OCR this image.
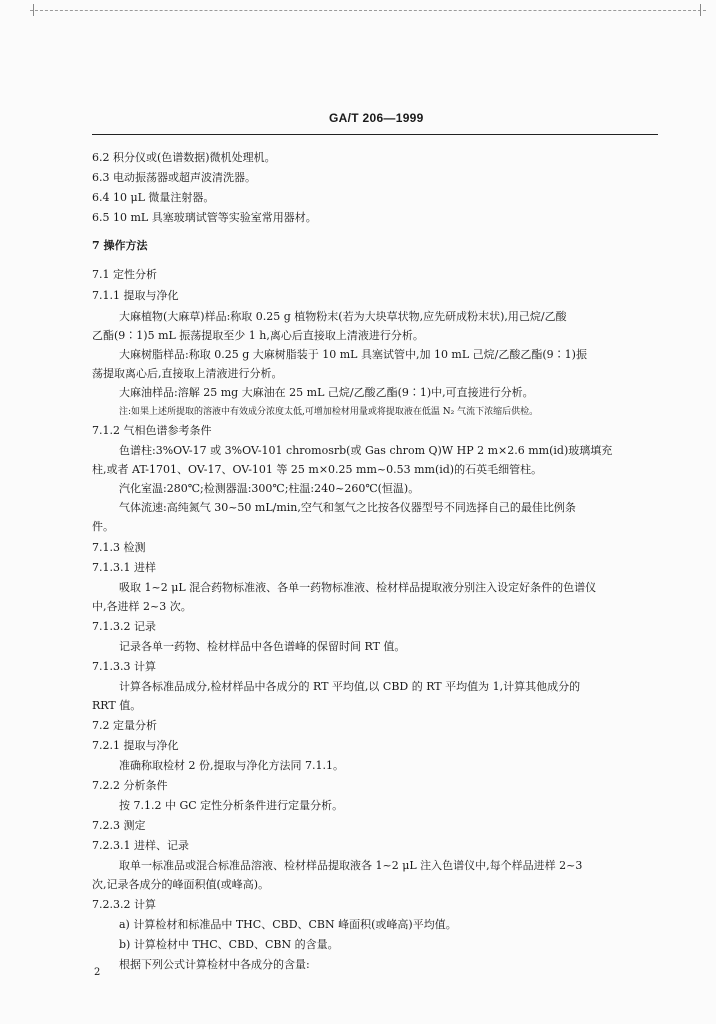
GA/T 206—1999
6.2 积分仪或(色谱数据)微机处理机。
6.3 电动振荡器或超声波清洗器。
6.4 10 μL 微量注射器。
6.5 10 mL 具塞玻璃试管等实验室常用器材。
7 操作方法
7.1 定性分析
7.1.1 提取与净化
大麻植物(大麻草)样品:称取 0.25 g 植物粉末(若为大块草状物,应先研成粉末状),用己烷/乙酸
乙酯(9∶1)5 mL 振荡提取至少 1 h,离心后直接取上清液进行分析。
大麻树脂样品:称取 0.25 g 大麻树脂装于 10 mL 具塞试管中,加 10 mL 己烷/乙酸乙酯(9∶1)振
荡提取离心后,直接取上清液进行分析。
大麻油样品:溶解 25 mg 大麻油在 25 mL 己烷/乙酸乙酯(9∶1)中,可直接进行分析。
注:如果上述所提取的溶液中有效成分浓度太低,可增加检材用量或将提取液在低温 N₂ 气流下浓缩后供检。
7.1.2 气相色谱参考条件
色谱柱:3%OV-17 或 3%OV-101 chromosrb(或 Gas chrom Q)W HP 2 m×2.6 mm(id)玻璃填充
柱,或者 AT-1701、OV-17、OV-101 等 25 m×0.25 mm~0.53 mm(id)的石英毛细管柱。
汽化室温:280℃;检测器温:300℃;柱温:240~260℃(恒温)。
气体流速:高纯氮气 30~50 mL/min,空气和氢气之比按各仪器型号不同选择自己的最佳比例条
件。
7.1.3 检测
7.1.3.1 进样
吸取 1~2 μL 混合药物标准液、各单一药物标准液、检材样品提取液分别注入设定好条件的色谱仪
中,各进样 2~3 次。
7.1.3.2 记录
记录各单一药物、检材样品中各色谱峰的保留时间 RT 值。
7.1.3.3 计算
计算各标准品成分,检材样品中各成分的 RT 平均值,以 CBD 的 RT 平均值为 1,计算其他成分的
RRT 值。
7.2 定量分析
7.2.1 提取与净化
准确称取检材 2 份,提取与净化方法同 7.1.1。
7.2.2 分析条件
按 7.1.2 中 GC 定性分析条件进行定量分析。
7.2.3 测定
7.2.3.1 进样、记录
取单一标准品或混合标准品溶液、检材样品提取液各 1~2 μL 注入色谱仪中,每个样品进样 2~3
次,记录各成分的峰面积值(或峰高)。
7.2.3.2 计算
a) 计算检材和标准品中 THC、CBD、CBN 峰面积(或峰高)平均值。
b) 计算检材中 THC、CBD、CBN 的含量。
根据下列公式计算检材中各成分的含量:
2
